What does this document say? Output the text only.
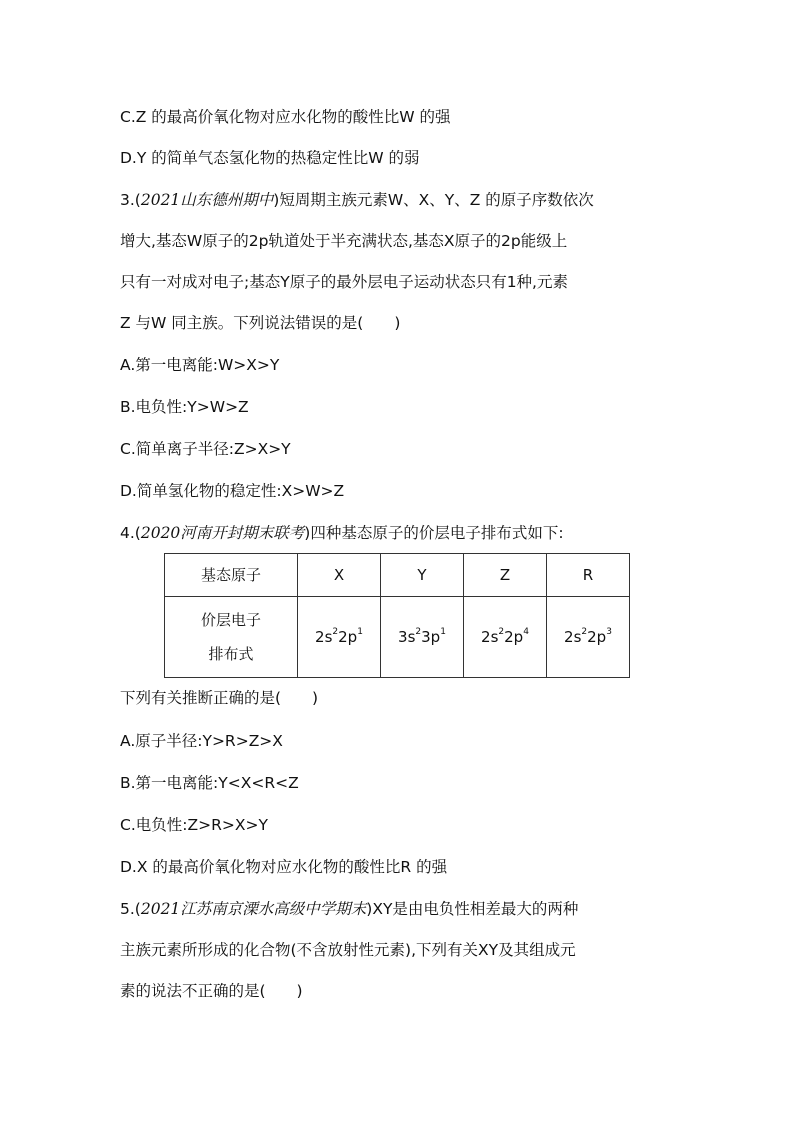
C.Z 的最高价氧化物对应水化物的酸性比W 的强
D.Y 的简单气态氢化物的热稳定性比W 的弱
3.(2021山东德州期中)短周期主族元素W、X、Y、Z 的原子序数依次
增大,基态W原子的2p轨道处于半充满状态,基态X原子的2p能级上
只有一对成对电子;基态Y原子的最外层电子运动状态只有1种,元素
Z 与W 同主族。下列说法错误的是(　　)
A.第一电离能:W>X>Y
B.电负性:Y>W>Z
C.简单离子半径:Z>X>Y
D.简单氢化物的稳定性:X>W>Z
4.(2020河南开封期末联考)四种基态原子的价层电子排布式如下:
基态原子	X	Y	Z	R
价层电子
排布式	$2s^22p^1$	$3s^23p^1$	$2s^22p^4$	$2s^22p^3$
下列有关推断正确的是(　　)
A.原子半径:Y>R>Z>X
B.第一电离能:Y<X<R<Z
C.电负性:Z>R>X>Y
D.X 的最高价氧化物对应水化物的酸性比R 的强
5.(2021江苏南京溧水高级中学期末)XY是由电负性相差最大的两种
主族元素所形成的化合物(不含放射性元素),下列有关XY及其组成元
素的说法不正确的是(　　)
